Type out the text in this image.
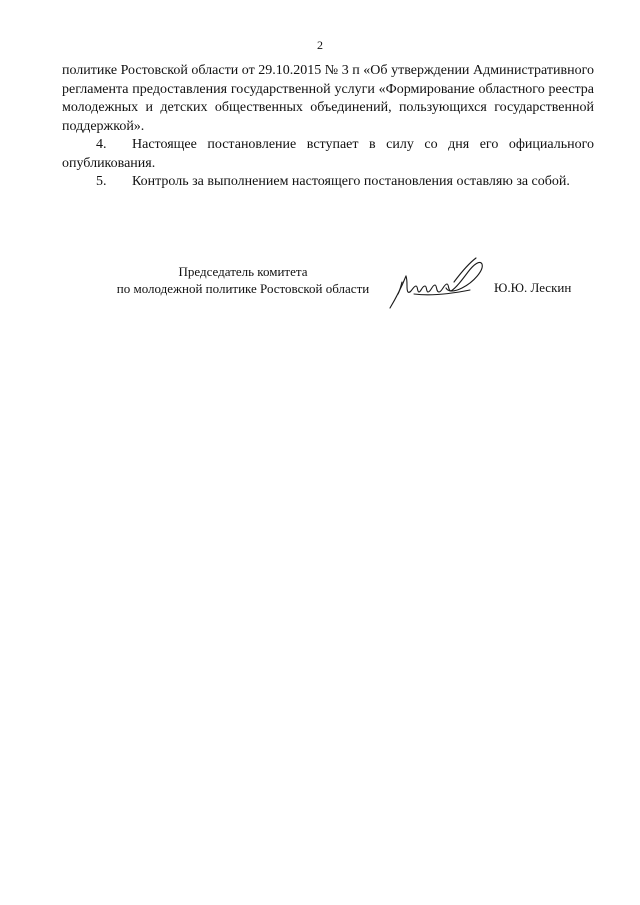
2

политике Ростовской области от 29.10.2015 № 3 п «Об утверждении Административного регламента предоставления государственной услуги «Формирование областного реестра молодежных и детских общественных объединений, пользующихся государственной поддержкой».

4. Настоящее постановление вступает в силу со дня его официального опубликования.

5. Контроль за выполнением настоящего постановления оставляю за собой.

Председатель комитета
по молодежной политике Ростовской области	Ю.Ю. Лескин
